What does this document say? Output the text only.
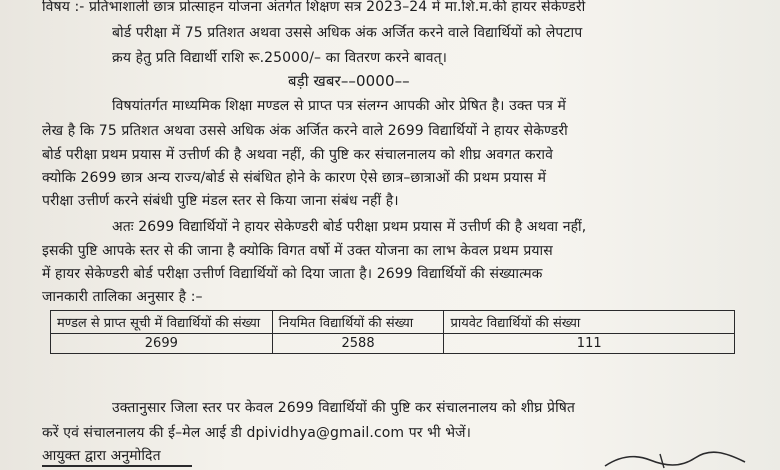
विषय :- प्रतिभाशाली छात्र प्रोत्साहन योजना अंतर्गत शिक्षण सत्र 2023–24 में मा.शि.म.की हायर सेकेण्डरी
बोर्ड परीक्षा में 75 प्रतिशत अथवा उससे अधिक अंक अर्जित करने वाले विद्यार्थियों को लेपटाप
क्रय हेतु प्रति विद्यार्थी राशि रू.25000/– का वितरण करने बावत्।
बड़ी खबर––0000––
विषयांतर्गत माध्यमिक शिक्षा मण्डल से प्राप्त पत्र संलग्न आपकी ओर प्रेषित है। उक्त पत्र में
लेख है कि 75 प्रतिशत अथवा उससे अधिक अंक अर्जित करने वाले 2699 विद्यार्थियों ने हायर सेकेण्डरी
बोर्ड परीक्षा प्रथम प्रयास में उत्तीर्ण की है अथवा नहीं, की पुष्टि कर संचालनालय को शीघ्र अवगत करावे
क्योकि 2699 छात्र अन्य राज्य/बोर्ड से संबंधित होने के कारण ऐसे छात्र–छात्राओं की प्रथम प्रयास में
परीक्षा उत्तीर्ण करने संबंधी पुष्टि मंडल स्तर से किया जाना संबंध नहीं है।
अतः 2699 विद्यार्थियों ने हायर सेकेण्डरी बोर्ड परीक्षा प्रथम प्रयास में उत्तीर्ण की है अथवा नहीं,
इसकी पुष्टि आपके स्तर से की जाना है क्योकि विगत वर्षो में उक्त योजना का लाभ केवल प्रथम प्रयास
में हायर सेकेण्डरी बोर्ड परीक्षा उत्तीर्ण विद्यार्थियों को दिया जाता है। 2699 विद्यार्थियों की संख्यात्मक
जानकारी तालिका अनुसार है :–
मण्डल से प्राप्त सूची में विद्यार्थियों की संख्या	नियमित विद्यार्थियों की संख्या	प्रायवेट विद्यार्थियों की संख्या
2699	2588	111
उक्तानुसार जिला स्तर पर केवल 2699 विद्यार्थियों की पुष्टि कर संचालनालय को शीघ्र प्रेषित
करें एवं संचालनालय की ई–मेल आई डी dpividhya@gmail.com पर भी भेजें।
आयुक्त द्वारा अनुमोदित
